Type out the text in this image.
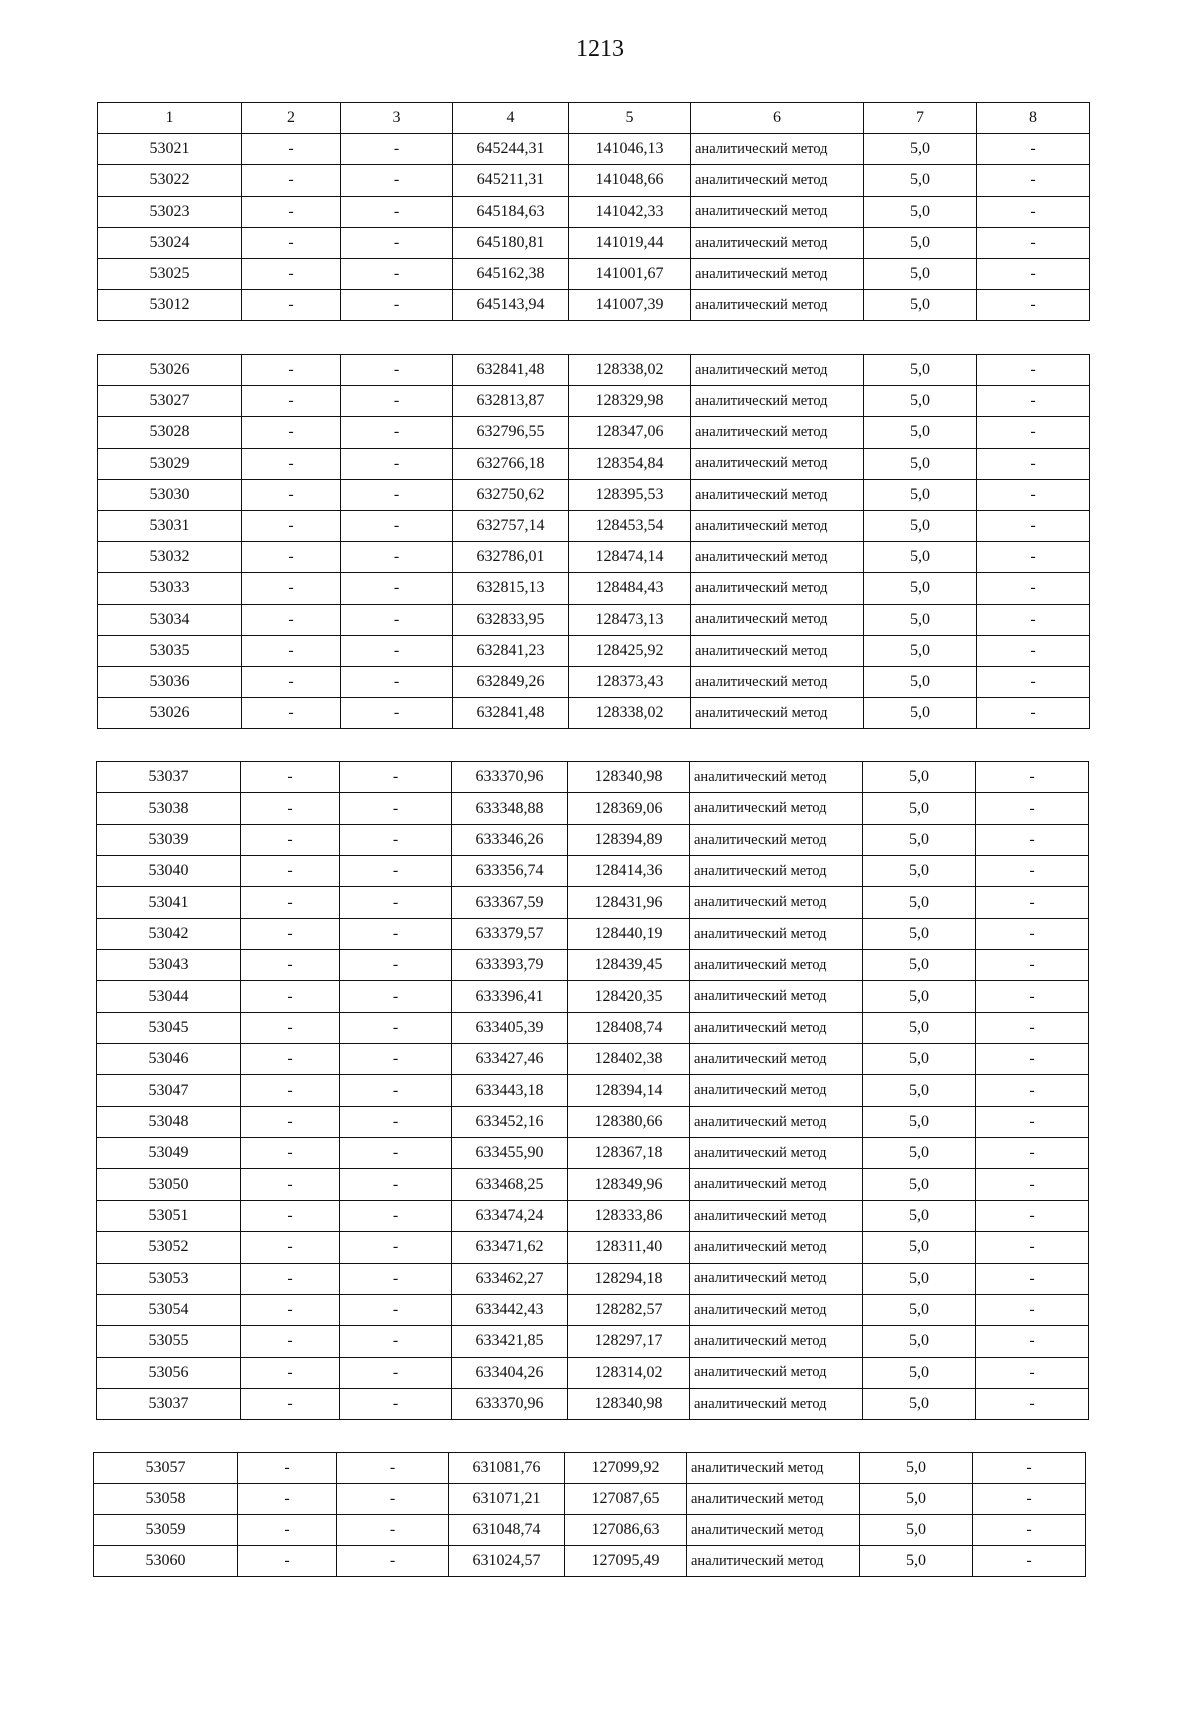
1213
1	2	3	4	5	6	7	8
53021	-	-	645244,31	141046,13	аналитический метод	5,0	-
53022	-	-	645211,31	141048,66	аналитический метод	5,0	-
53023	-	-	645184,63	141042,33	аналитический метод	5,0	-
53024	-	-	645180,81	141019,44	аналитический метод	5,0	-
53025	-	-	645162,38	141001,67	аналитический метод	5,0	-
53012	-	-	645143,94	141007,39	аналитический метод	5,0	-
53026	-	-	632841,48	128338,02	аналитический метод	5,0	-
53027	-	-	632813,87	128329,98	аналитический метод	5,0	-
53028	-	-	632796,55	128347,06	аналитический метод	5,0	-
53029	-	-	632766,18	128354,84	аналитический метод	5,0	-
53030	-	-	632750,62	128395,53	аналитический метод	5,0	-
53031	-	-	632757,14	128453,54	аналитический метод	5,0	-
53032	-	-	632786,01	128474,14	аналитический метод	5,0	-
53033	-	-	632815,13	128484,43	аналитический метод	5,0	-
53034	-	-	632833,95	128473,13	аналитический метод	5,0	-
53035	-	-	632841,23	128425,92	аналитический метод	5,0	-
53036	-	-	632849,26	128373,43	аналитический метод	5,0	-
53026	-	-	632841,48	128338,02	аналитический метод	5,0	-
53037	-	-	633370,96	128340,98	аналитический метод	5,0	-
53038	-	-	633348,88	128369,06	аналитический метод	5,0	-
53039	-	-	633346,26	128394,89	аналитический метод	5,0	-
53040	-	-	633356,74	128414,36	аналитический метод	5,0	-
53041	-	-	633367,59	128431,96	аналитический метод	5,0	-
53042	-	-	633379,57	128440,19	аналитический метод	5,0	-
53043	-	-	633393,79	128439,45	аналитический метод	5,0	-
53044	-	-	633396,41	128420,35	аналитический метод	5,0	-
53045	-	-	633405,39	128408,74	аналитический метод	5,0	-
53046	-	-	633427,46	128402,38	аналитический метод	5,0	-
53047	-	-	633443,18	128394,14	аналитический метод	5,0	-
53048	-	-	633452,16	128380,66	аналитический метод	5,0	-
53049	-	-	633455,90	128367,18	аналитический метод	5,0	-
53050	-	-	633468,25	128349,96	аналитический метод	5,0	-
53051	-	-	633474,24	128333,86	аналитический метод	5,0	-
53052	-	-	633471,62	128311,40	аналитический метод	5,0	-
53053	-	-	633462,27	128294,18	аналитический метод	5,0	-
53054	-	-	633442,43	128282,57	аналитический метод	5,0	-
53055	-	-	633421,85	128297,17	аналитический метод	5,0	-
53056	-	-	633404,26	128314,02	аналитический метод	5,0	-
53037	-	-	633370,96	128340,98	аналитический метод	5,0	-
53057	-	-	631081,76	127099,92	аналитический метод	5,0	-
53058	-	-	631071,21	127087,65	аналитический метод	5,0	-
53059	-	-	631048,74	127086,63	аналитический метод	5,0	-
53060	-	-	631024,57	127095,49	аналитический метод	5,0	-
